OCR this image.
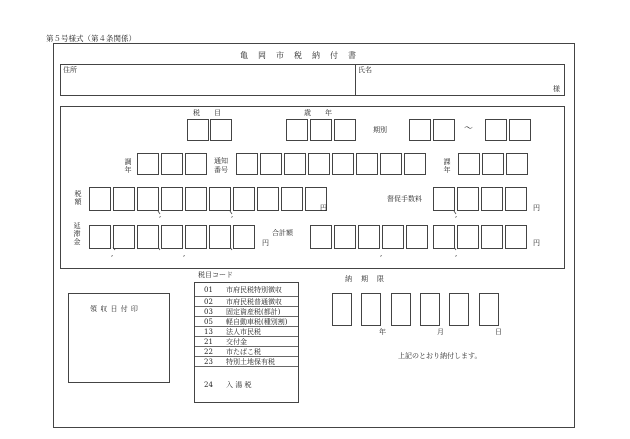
第５号様式（第４条関係）
亀　岡　市　税　納　付　書
住所	氏名
様
税　　目	歳　　年
期別	～
調年
通知番号
課年
税額
円
督促手数料
円
延滞金	円
合計額
円
,	,	,	,
,	,	,
領 収 日 付 印
税目コード
01 市府民税特別徴収
02 市府民税普通徴収
03 固定資産税(都計)
05 軽自動車税(種別割)
13 法人市民税
21 交付金
22 市たばこ税
23 特別土地保有税
24 入 湯 税
納　期　限
年	月	日
上記のとおり納付します。
